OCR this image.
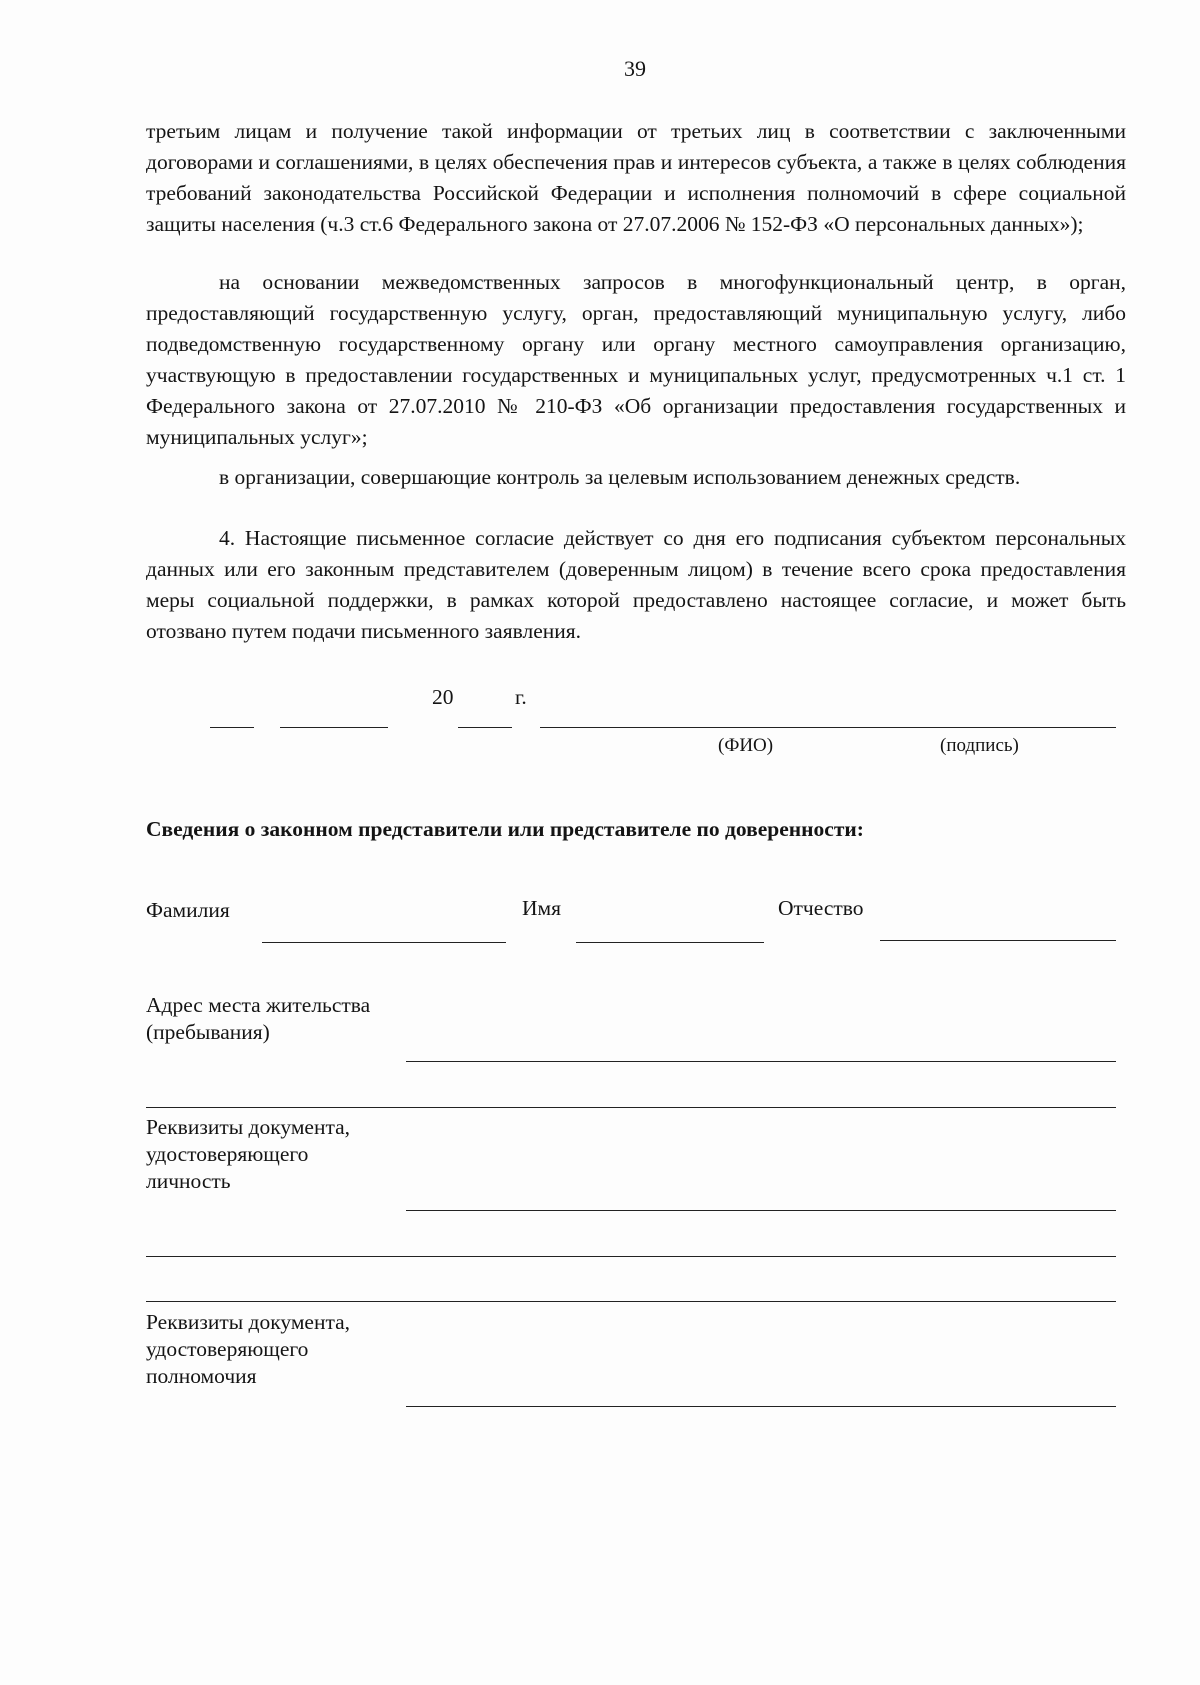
39

третьим лицам и получение такой информации от третьих лиц в соответствии с заключенными договорами и соглашениями, в целях обеспечения прав и интересов субъекта, а также в целях соблюдения требований законодательства Российской Федерации и исполнения полномочий в сфере социальной защиты населения (ч.3 ст.6 Федерального закона от 27.07.2006 № 152-ФЗ «О персональных данных»);

на основании межведомственных запросов в многофункциональный центр, в орган, предоставляющий государственную услугу, орган, предоставляющий муниципальную услугу, либо подведомственную государственному органу или органу местного самоуправления организацию, участвующую в предоставлении государственных и муниципальных услуг, предусмотренных ч.1 ст. 1 Федерального закона от 27.07.2010 № 210-ФЗ «Об организации предоставления государственных и муниципальных услуг»;

в организации, совершающие контроль за целевым использованием денежных средств.

4. Настоящие письменное согласие действует со дня его подписания субъектом персональных данных или его законным представителем (доверенным лицом) в течение всего срока предоставления меры социальной поддержки, в рамках которой предоставлено настоящее согласие, и может быть отозвано путем подачи письменного заявления.

20	г.
(ФИО)	(подпись)
Сведения о законном представители или представителе по доверенности:
Фамилия	Имя	Отчество
Адрес места жительства
(пребывания)
Реквизиты документа,
удостоверяющего
личность
Реквизиты документа,
удостоверяющего
полномочия
